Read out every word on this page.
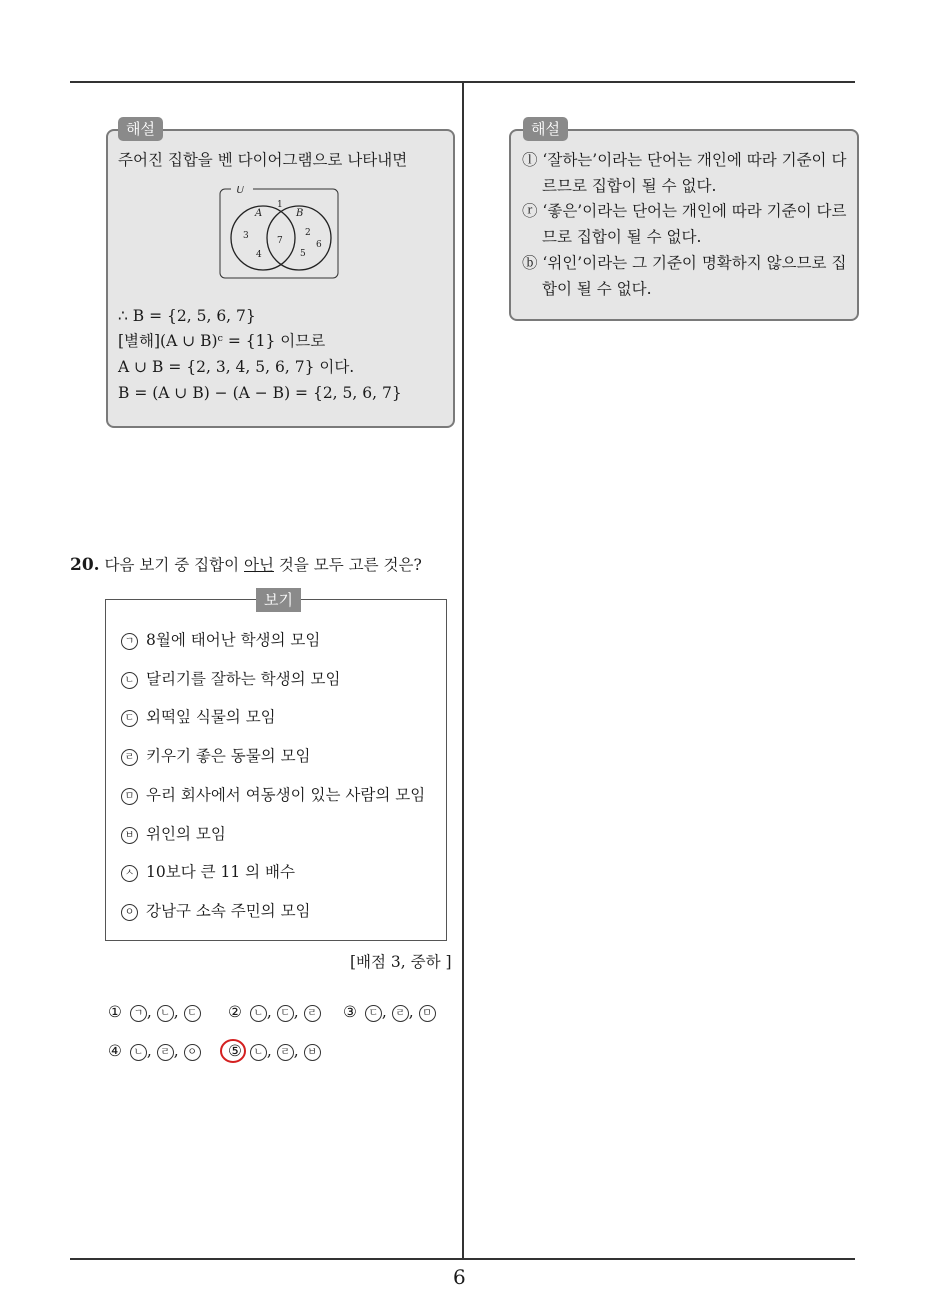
해설
주어진 집합을 벤 다이어그램으로 나타내면
U
A	B
1
3
4
7
2
5
6
∴ B = {2, 5, 6, 7}
[별해](A ∪ B)ᶜ = {1} 이므로
A ∪ B = {2, 3, 4, 5, 6, 7} 이다.
B = (A ∪ B) − (A − B) = {2, 5, 6, 7}
해설
ⓛ ‘잘하는’이라는 단어는 개인에 따라 기준이 다
르므로 집합이 될 수 없다.
ⓡ ‘좋은’이라는 단어는 개인에 따라 기준이 다르
므로 집합이 될 수 없다.
ⓑ ‘위인’이라는 그 기준이 명확하지 않으므로 집
합이 될 수 없다.
20. 다음 보기 중 집합이 아닌 것을 모두 고른 것은?
보기
ㄱ 8월에 태어난 학생의 모임
ㄴ 달리기를 잘하는 학생의 모임
ㄷ 외떡잎 식물의 모임
ㄹ 키우기 좋은 동물의 모임
ㅁ 우리 회사에서 여동생이 있는 사람의 모임
ㅂ 위인의 모임
ㅅ 10보다 큰 11 의 배수
ㅇ 강남구 소속 주민의 모임
[배점 3, 중하 ]
① ㄱ , ㄴ , ㄷ ② ㄴ , ㄷ , ㄹ ③ ㄷ , ㄹ , ㅁ
④ ㄴ , ㄹ , ㅇ ⑤ ㄴ , ㄹ , ㅂ
6
